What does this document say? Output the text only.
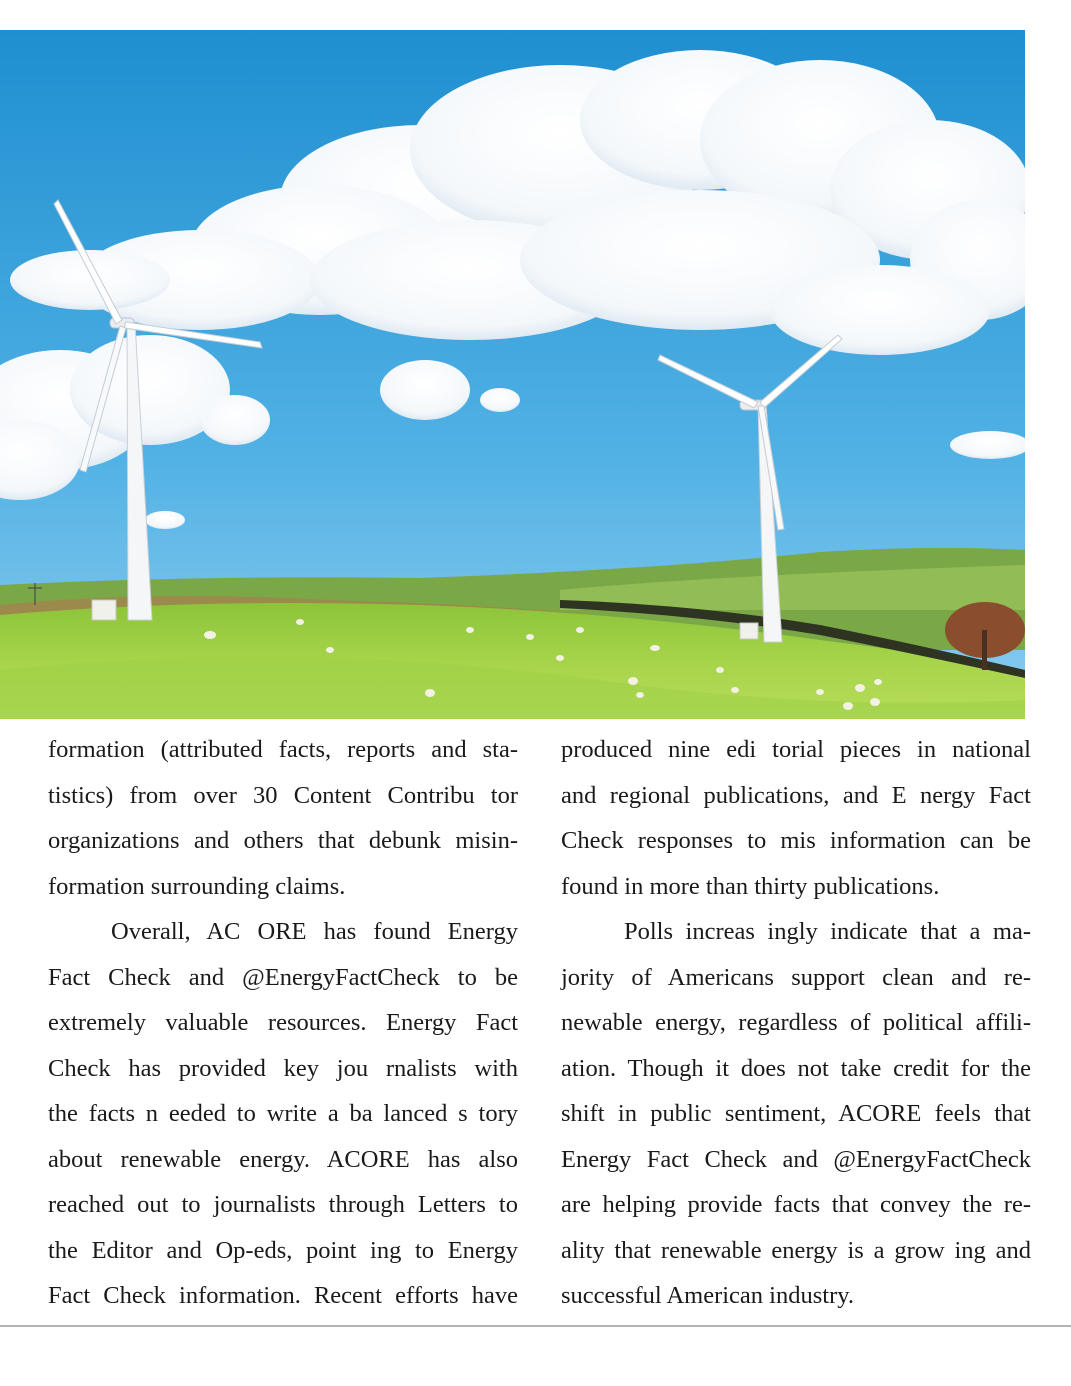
formation (attributed facts, reports and sta-
tistics) from over 30 Content Contribu tor
organizations and others that debunk misin-
formation surrounding claims.
Overall, AC ORE has found Energy
Fact Check and @EnergyFactCheck to be
extremely valuable resources. Energy Fact
Check has provided key jou rnalists with
the facts n eeded to write a ba lanced s tory
about renewable energy. ACORE has also
reached out to journalists through Letters to
the Editor and Op-eds, point ing to Energy
Fact Check information. Recent efforts have
produced nine edi torial pieces in national
and regional publications, and E nergy Fact
Check responses to mis information can be
found in more than thirty publications.
Polls increas ingly indicate that a ma-
jority of Americans support clean and re-
newable energy, regardless of political affili-
ation. Though it does not take credit for the
shift in public sentiment, ACORE feels that
Energy Fact Check and @EnergyFactCheck
are helping provide facts that convey the re-
ality that renewable energy is a grow ing and
successful American industry.
